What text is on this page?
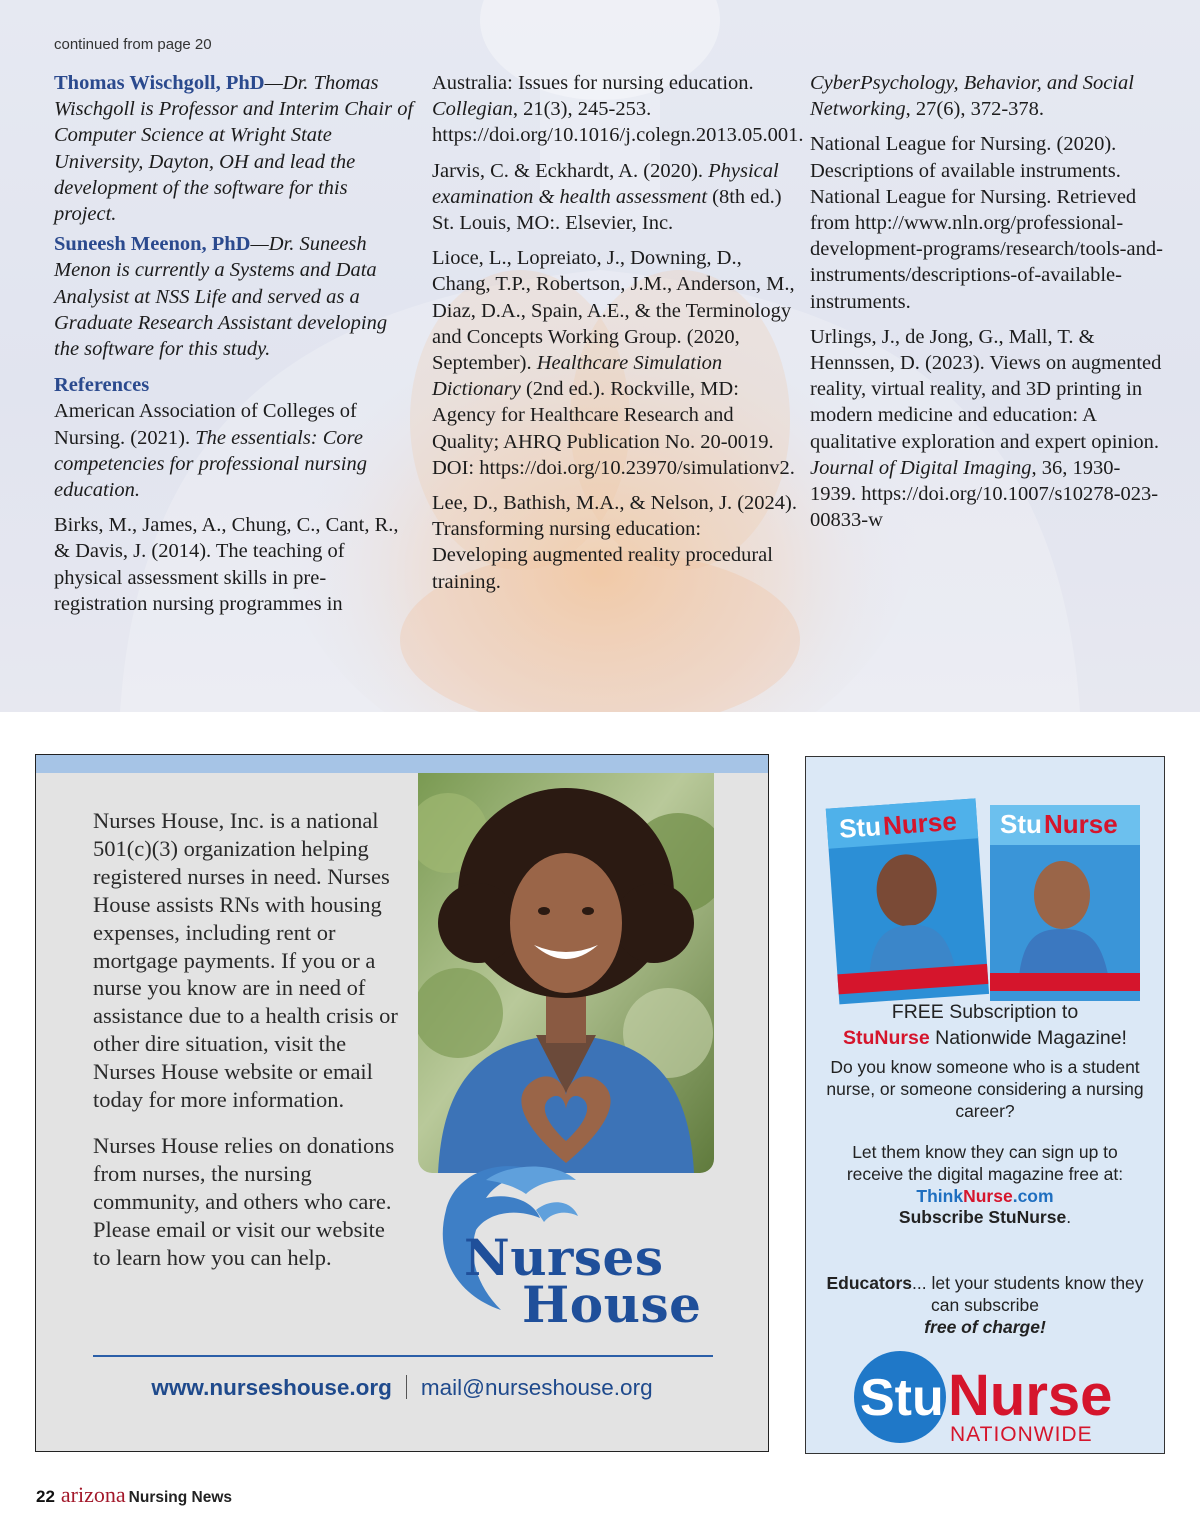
continued from page 20

Thomas Wischgoll, PhD—Dr. Thomas Wischgoll is Professor and Interim Chair of Computer Science at Wright State University, Dayton, OH and lead the development of the software for this project.

Suneesh Meenon, PhD—Dr. Suneesh Menon is currently a Systems and Data Analysist at NSS Life and served as a Graduate Research Assistant developing the software for this study.

References

American Association of Colleges of Nursing. (2021). The essentials: Core competencies for professional nursing education.

Birks, M., James, A., Chung, C., Cant, R., & Davis, J. (2014). The teaching of physical assessment skills in pre-registration nursing programmes in

Australia: Issues for nursing education. Collegian, 21(3), 245-253. https://doi.org/10.1016/j.colegn.2013.05.001.

Jarvis, C. & Eckhardt, A. (2020). Physical examination & health assessment (8th ed.) St. Louis, MO:. Elsevier, Inc.

Lioce, L., Lopreiato, J., Downing, D., Chang, T.P., Robertson, J.M., Anderson, M., Diaz, D.A., Spain, A.E., & the Terminology and Concepts Working Group. (2020, September). Healthcare Simulation Dictionary (2nd ed.). Rockville, MD: Agency for Healthcare Research and Quality; AHRQ Publication No. 20-0019. DOI: https://doi.org/10.23970/simulationv2.

Lee, D., Bathish, M.A., & Nelson, J. (2024). Transforming nursing education: Developing augmented reality procedural training.

CyberPsychology, Behavior, and Social Networking, 27(6), 372-378.

National League for Nursing. (2020). Descriptions of available instruments. National League for Nursing. Retrieved from http://www.nln.org/professional-development-programs/research/tools-and- instruments/descriptions-of-available-instruments.

Urlings, J., de Jong, G., Mall, T. & Hennssen, D. (2023). Views on augmented reality, virtual reality, and 3D printing in modern medicine and education: A qualitative exploration and expert opinion. Journal of Digital Imaging, 36, 1930-1939. https://doi.org/10.1007/s10278-023-00833-w

Nurses House, Inc. is a national 501(c)(3) organization helping registered nurses in need. Nurses House assists RNs with housing expenses, including rent or mortgage payments. If you or a nurse you know are in need of assistance due to a health crisis or other dire situation, visit the Nurses House website or email today for more information.

Nurses House relies on donations from nurses, the nursing community, and others who care. Please email or visit our website to learn how you can help.	Nurses
House
www.nurseshouse.org mail@nurseshouse.org
Stu Nurse Stu Nurse
FREE Subscription to
StuNurse Nationwide Magazine!
Do you know someone who is a student nurse, or someone considering a nursing career?
Let them know they can sign up to receive the digital magazine free at:
ThinkNurse.com
Subscribe StuNurse.
Educators... let your students know they can subscribe
free of charge!
Stu Nurse
NATIONWIDE
22 arizona Nursing News
